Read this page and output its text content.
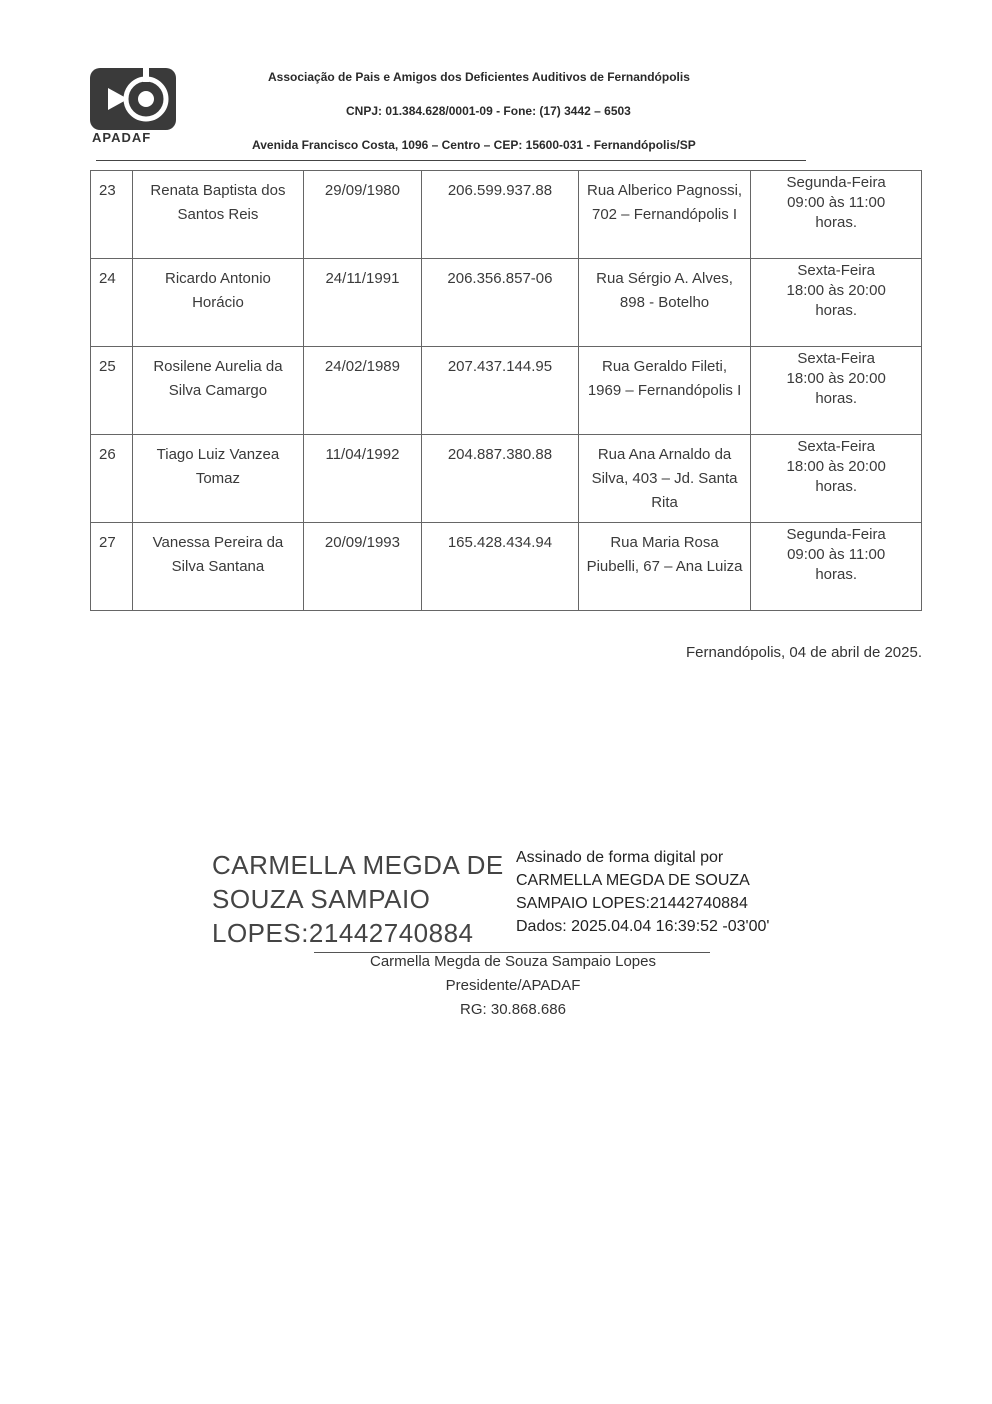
APADAF
Associação de Pais e Amigos dos Deficientes Auditivos de Fernandópolis
CNPJ: 01.384.628/0001-09 - Fone: (17) 3442 – 6503
Avenida Francisco Costa, 1096 – Centro – CEP: 15600-031 - Fernandópolis/SP
23	Renata Baptista dos Santos Reis	29/09/1980	206.599.937.88	Rua Alberico Pagnossi, 702 – Fernandópolis I	Segunda-Feira
09:00 às 11:00
horas.

24	Ricardo Antonio Horácio	24/11/1991	206.356.857-06	Rua Sérgio A. Alves, 898 - Botelho	Sexta-Feira
18:00 às 20:00
horas.

25	Rosilene Aurelia da Silva Camargo	24/02/1989	207.437.144.95	Rua Geraldo Fileti, 1969 – Fernandópolis I	Sexta-Feira
18:00 às 20:00
horas.

26	Tiago Luiz Vanzea Tomaz	11/04/1992	204.887.380.88	Rua Ana Arnaldo da Silva, 403 – Jd. Santa Rita	Sexta-Feira
18:00 às 20:00
horas.

27	Vanessa Pereira da Silva Santana	20/09/1993	165.428.434.94	Rua Maria Rosa Piubelli, 67 – Ana Luiza	Segunda-Feira
09:00 às 11:00
horas.
Fernandópolis, 04 de abril de 2025.
CARMELLA MEGDA DE
SOUZA SAMPAIO
LOPES:21442740884
Assinado de forma digital por
CARMELLA MEGDA DE SOUZA
SAMPAIO LOPES:21442740884
Dados: 2025.04.04 16:39:52 -03'00'
Carmella Megda de Souza Sampaio Lopes
Presidente/APADAF
RG: 30.868.686
